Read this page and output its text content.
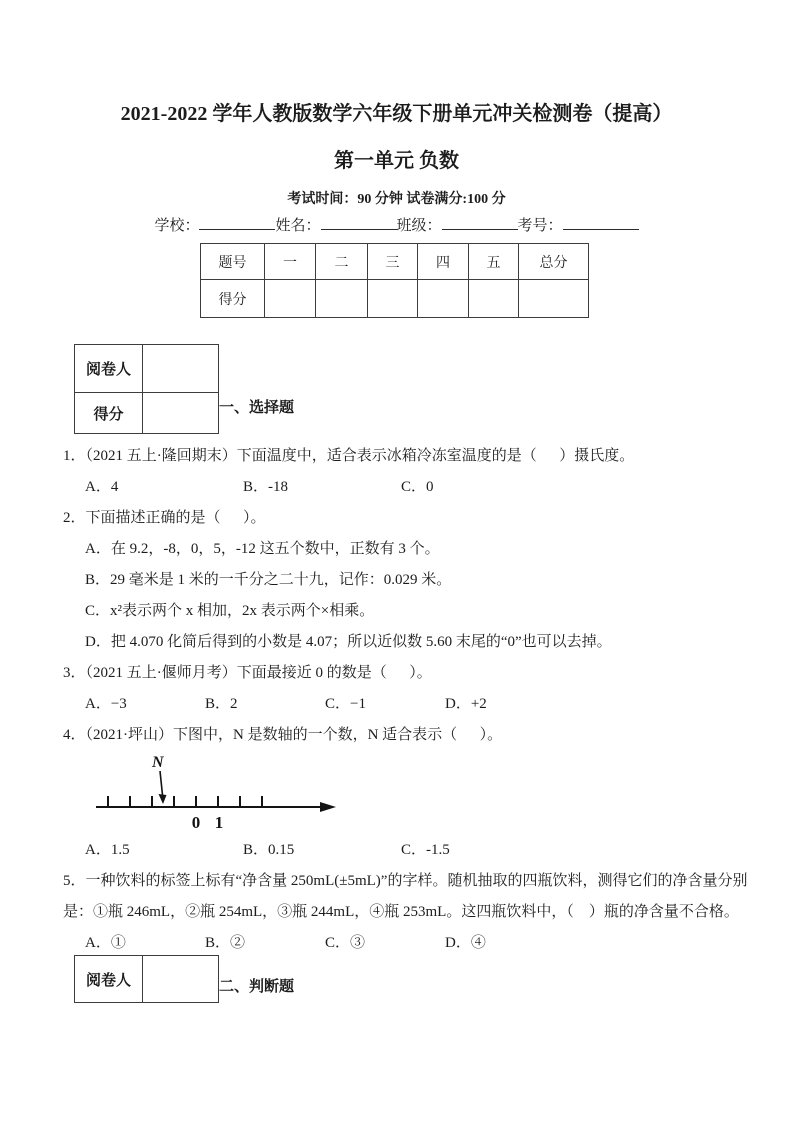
2021-2022 学年人教版数学六年级下册单元冲关检测卷（提高）
第一单元 负数
考试时间：90 分钟 试卷满分:100 分
学校：	姓名：	班级：	考号：
题号	一	二	三	四	五	总分
得分						
阅卷人
得分	一、选择题
1．（2021 五上·隆回期末）下面温度中，适合表示冰箱冷冻室温度的是（      ）摄氏度。
A．4	B．-18	C．0
2．下面描述正确的是（      ）。
A．在 9.2，-8，0，5，-12 这五个数中，正数有 3 个。
B．29 毫米是 1 米的一千分之二十九，记作：0.029 米。
C．x²表示两个 x 相加，2x 表示两个×相乘。
D．把 4.070 化简后得到的小数是 4.07；所以近似数 5.60 末尾的“0”也可以去掉。
3．（2021 五上·偃师月考）下面最接近 0 的数是（      ）。
A．−3	B．2	C．−1	D．+2
4．（2021·坪山）下图中，N 是数轴的一个数，N 适合表示（      ）。
0 1
N
A．1.5	B．0.15	C．-1.5
5．一种饮料的标签上标有“净含量 250mL(±5mL)”的字样。随机抽取的四瓶饮料，测得它们的净含量分别
是：①瓶 246mL，②瓶 254mL，③瓶 244mL，④瓶 253mL。这四瓶饮料中，（    ）瓶的净含量不合格。
A．①	B．②	C．③	D．④
阅卷人	二、判断题
